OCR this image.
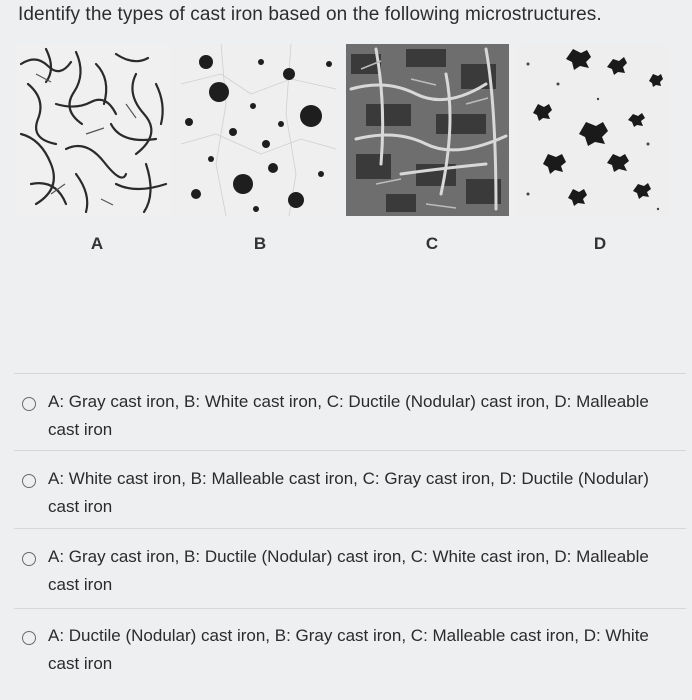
Identify the types of cast iron based on the following microstructures.
A	B	C	D
A: Gray cast iron, B: White cast iron, C: Ductile (Nodular) cast iron, D: Malleable cast iron
A: White cast iron, B: Malleable cast iron, C: Gray cast iron, D: Ductile (Nodular) cast iron
A: Gray cast iron, B: Ductile (Nodular) cast iron, C: White cast iron, D: Malleable cast iron
A: Ductile (Nodular) cast iron, B: Gray cast iron, C: Malleable cast iron, D: White cast iron
